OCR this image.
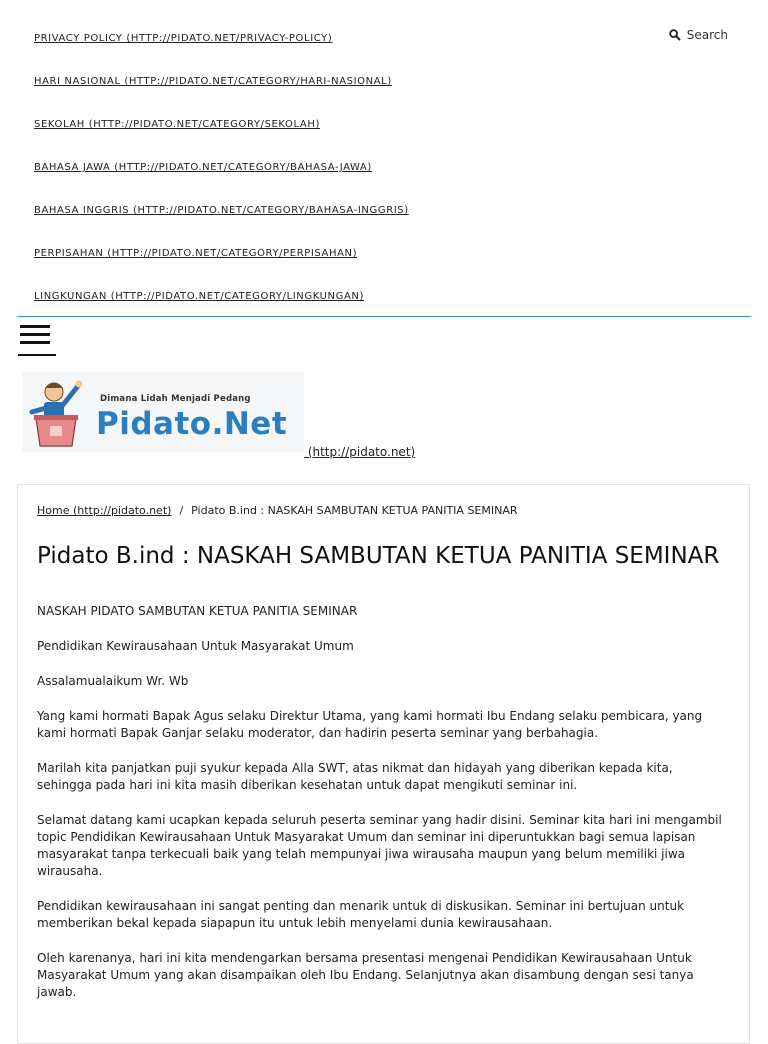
PRIVACY POLICY (HTTP://PIDATO.NET/PRIVACY-POLICY)
HARI NASIONAL (HTTP://PIDATO.NET/CATEGORY/HARI-NASIONAL)
SEKOLAH (HTTP://PIDATO.NET/CATEGORY/SEKOLAH)
BAHASA JAWA (HTTP://PIDATO.NET/CATEGORY/BAHASA-JAWA)
BAHASA INGGRIS (HTTP://PIDATO.NET/CATEGORY/BAHASA-INGGRIS)
PERPISAHAN (HTTP://PIDATO.NET/CATEGORY/PERPISAHAN)
LINGKUNGAN (HTTP://PIDATO.NET/CATEGORY/LINGKUNGAN)
Search
Dimana Lidah Menjadi Pedang
Pidato.Net
(http://pidato.net)
Home (http://pidato.net) / Pidato B.ind : NASKAH SAMBUTAN KETUA PANITIA SEMINAR
Pidato B.ind : NASKAH SAMBUTAN KETUA PANITIA SEMINAR

NASKAH PIDATO SAMBUTAN KETUA PANITIA SEMINAR

Pendidikan Kewirausahaan Untuk Masyarakat Umum

Assalamualaikum Wr. Wb

Yang kami hormati Bapak Agus selaku Direktur Utama, yang kami hormati Ibu Endang selaku pembicara, yang kami hormati Bapak Ganjar selaku moderator, dan hadirin peserta seminar yang berbahagia.

Marilah kita panjatkan puji syukur kepada Alla SWT, atas nikmat dan hidayah yang diberikan kepada kita, sehingga pada hari ini kita masih diberikan kesehatan untuk dapat mengikuti seminar ini.

Selamat datang kami ucapkan kepada seluruh peserta seminar yang hadir disini. Seminar kita hari ini mengambil topic Pendidikan Kewirausahaan Untuk Masyarakat Umum dan seminar ini diperuntukkan bagi semua lapisan masyarakat tanpa terkecuali baik yang telah mempunyai jiwa wirausaha maupun yang belum memiliki jiwa wirausaha.

Pendidikan kewirausahaan ini sangat penting dan menarik untuk di diskusikan. Seminar ini bertujuan untuk memberikan bekal kepada siapapun itu untuk lebih menyelami dunia kewirausahaan.

Oleh karenanya, hari ini kita mendengarkan bersama presentasi mengenai Pendidikan Kewirausahaan Untuk Masyarakat Umum yang akan disampaikan oleh Ibu Endang. Selanjutnya akan disambung dengan sesi tanya jawab.
